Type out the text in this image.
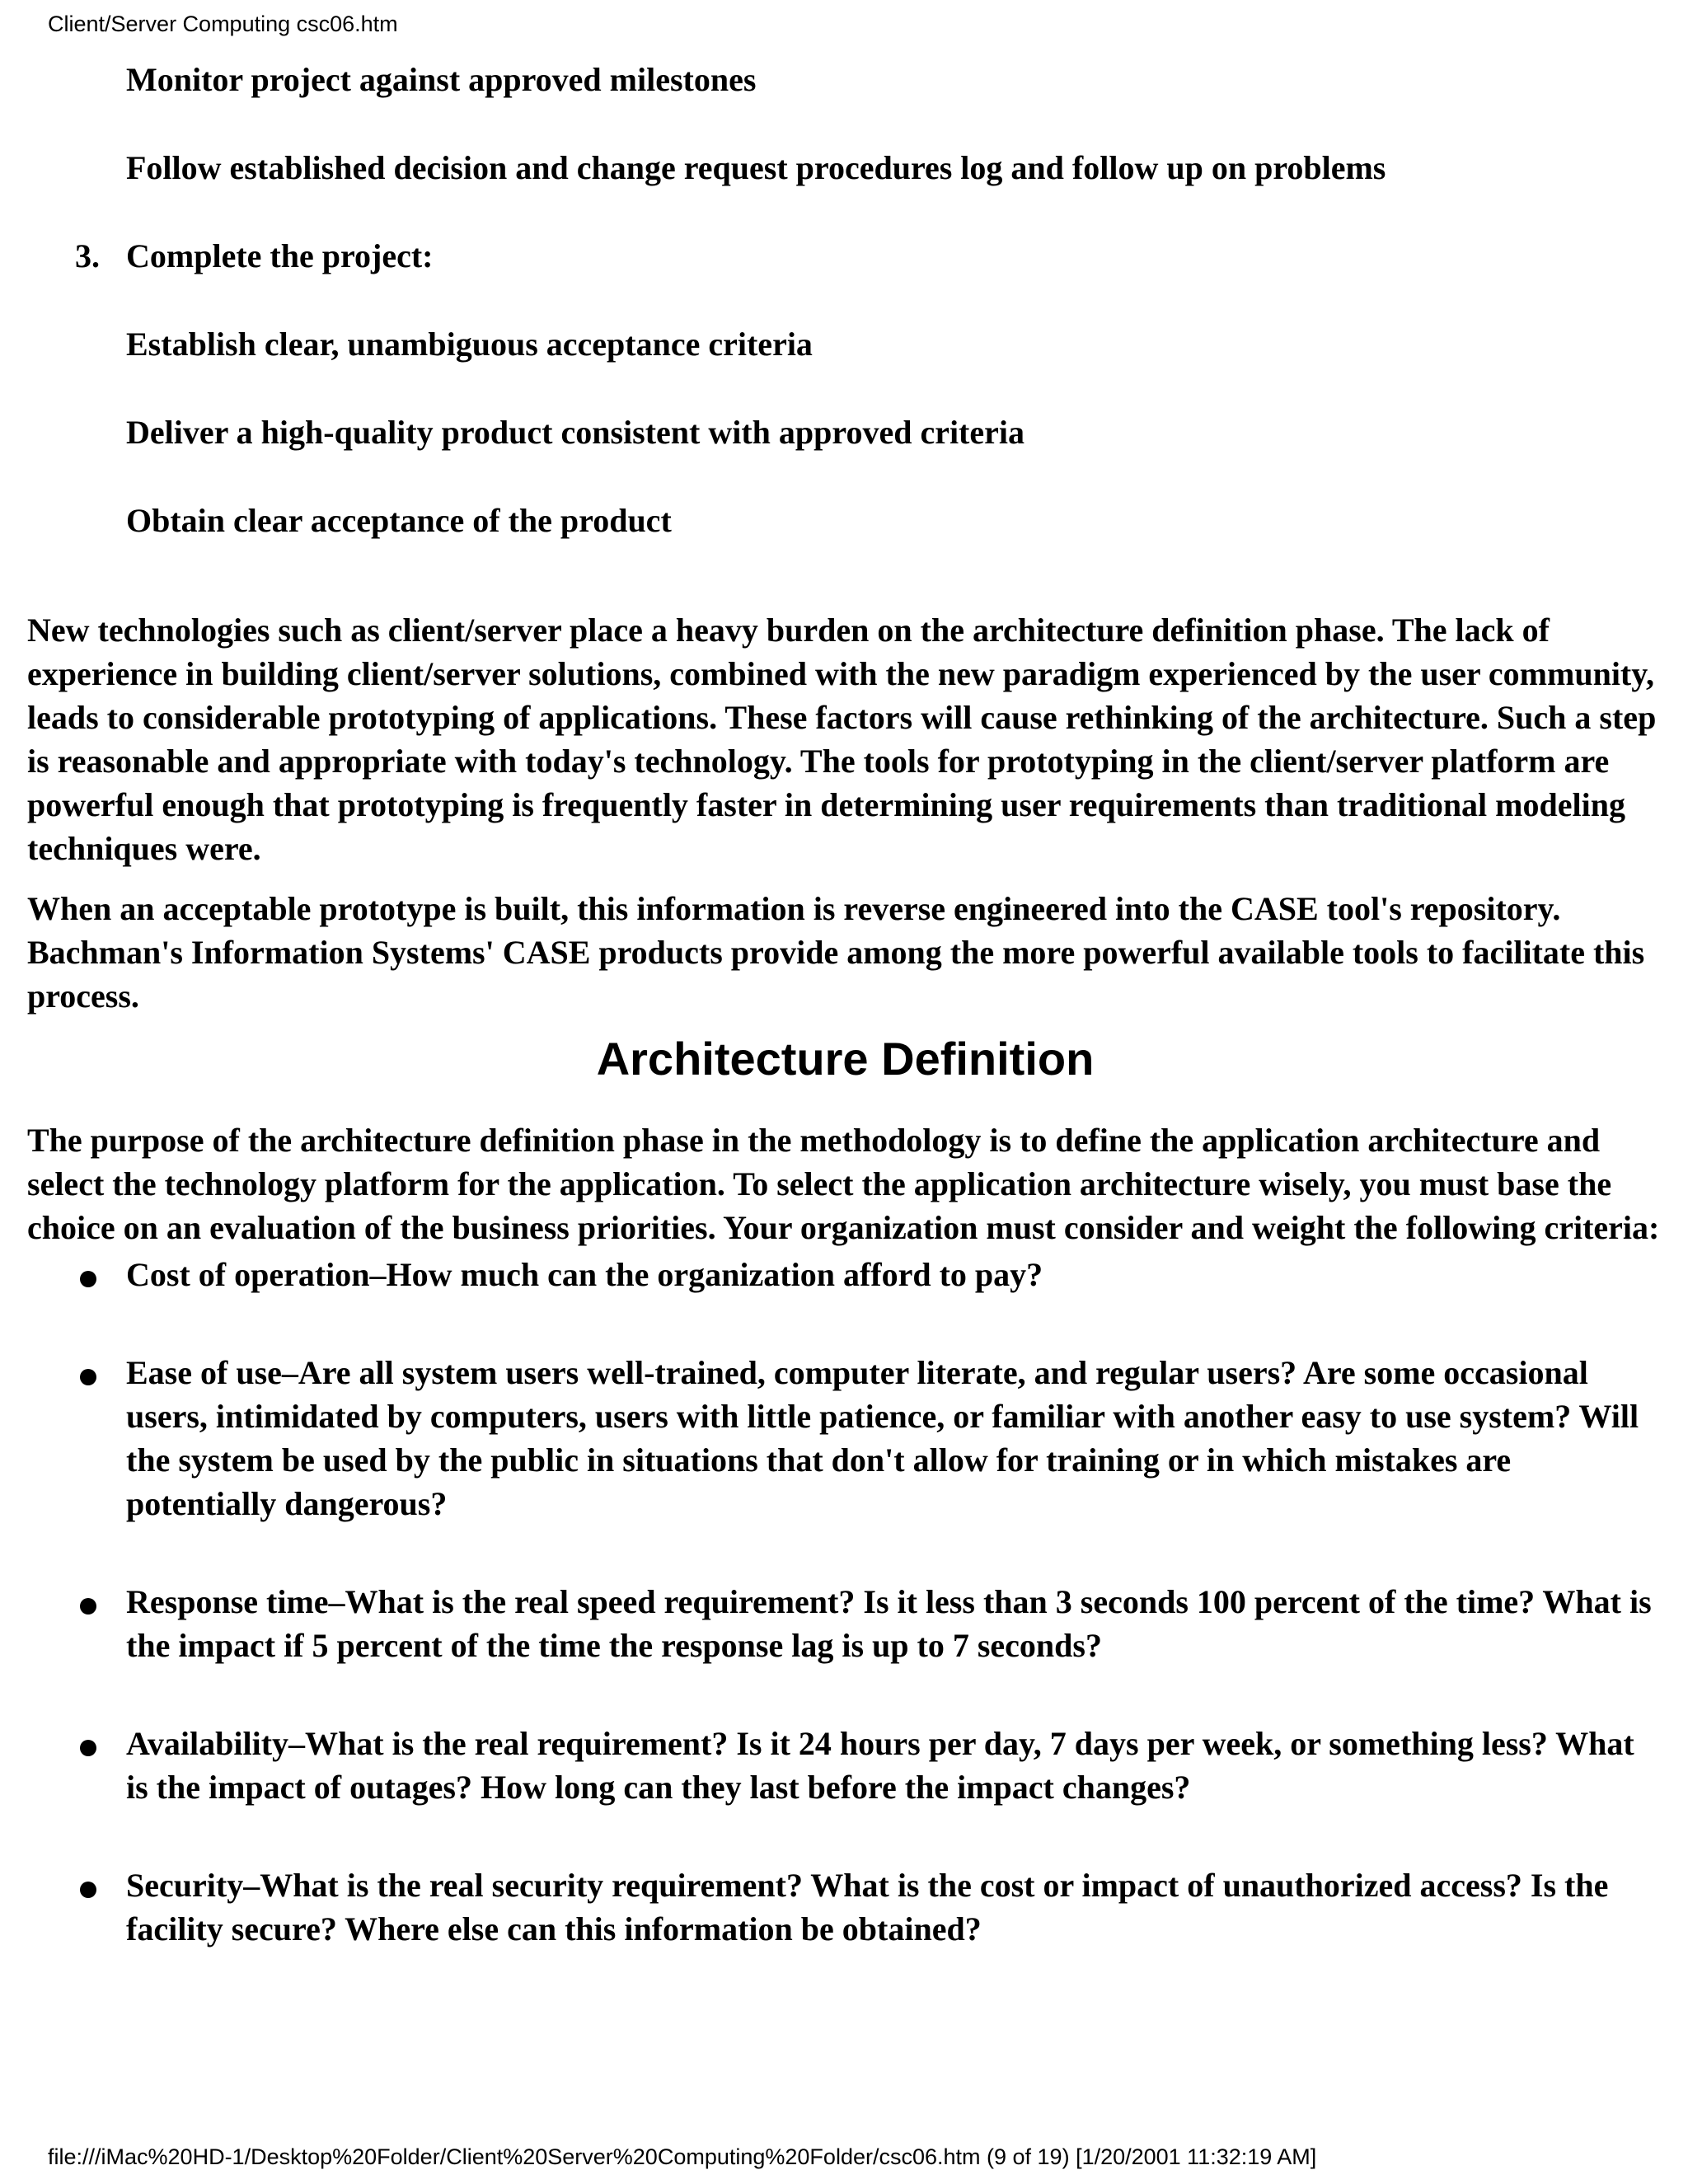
Client/Server Computing csc06.htm
Monitor project against approved milestones
Follow established decision and change request procedures log and follow up on problems
3. Complete the project:
Establish clear, unambiguous acceptance criteria
Deliver a high-quality product consistent with approved criteria
Obtain clear acceptance of the product

New technologies such as client/server place a heavy burden on the architecture definition phase. The lack of experience in building client/server solutions, combined with the new paradigm experienced by the user community, leads to considerable prototyping of applications. These factors will cause rethinking of the architecture. Such a step is reasonable and appropriate with today's technology. The tools for prototyping in the client/server platform are powerful enough that prototyping is frequently faster in determining user requirements than traditional modeling techniques were.

When an acceptable prototype is built, this information is reverse engineered into the CASE tool's repository. Bachman's Information Systems' CASE products provide among the more powerful available tools to facilitate this process.

Architecture Definition

The purpose of the architecture definition phase in the methodology is to define the application architecture and select the technology platform for the application. To select the application architecture wisely, you must base the choice on an evaluation of the business priorities. Your organization must consider and weight the following criteria:

Cost of operation–How much can the organization afford to pay?
Ease of use–Are all system users well-trained, computer literate, and regular users? Are some occasional users, intimidated by computers, users with little patience, or familiar with another easy to use system? Will the system be used by the public in situations that don't allow for training or in which mistakes are potentially dangerous?
Response time–What is the real speed requirement? Is it less than 3 seconds 100 percent of the time? What is the impact if 5 percent of the time the response lag is up to 7 seconds?
Availability–What is the real requirement? Is it 24 hours per day, 7 days per week, or something less? What is the impact of outages? How long can they last before the impact changes?
Security–What is the real security requirement? What is the cost or impact of unauthorized access? Is the facility secure? Where else can this information be obtained?
file:///iMac%20HD-1/Desktop%20Folder/Client%20Server%20Computing%20Folder/csc06.htm (9 of 19) [1/20/2001 11:32:19 AM]
